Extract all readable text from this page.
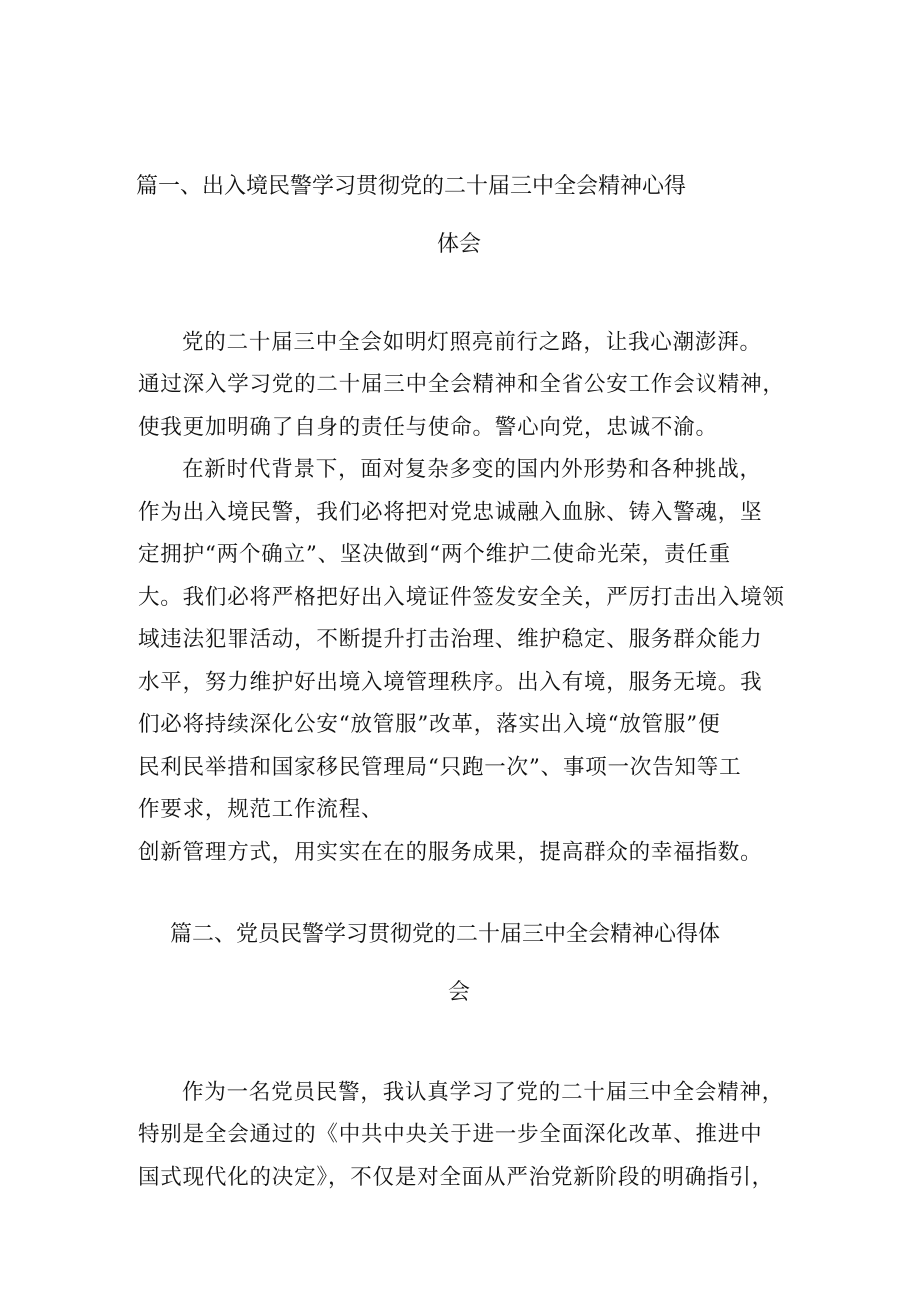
篇一、出入境民警学习贯彻党的二十届三中全会精神心得
体会
党的二十届三中全会如明灯照亮前行之路，让我心潮澎湃。
通过深入学习党的二十届三中全会精神和全省公安工作会议精神，
使我更加明确了自身的责任与使命。警心向党，忠诚不渝。
在新时代背景下，面对复杂多变的国内外形势和各种挑战，
作为出入境民警，我们必将把对党忠诚融入血脉、铸入警魂，坚
定拥护“两个确立”、坚决做到“两个维护二使命光荣，责任重
大。我们必将严格把好出入境证件签发安全关，严厉打击出入境领
域违法犯罪活动，不断提升打击治理、维护稳定、服务群众能力
水平，努力维护好出境入境管理秩序。出入有境，服务无境。我
们必将持续深化公安“放管服”改革，落实出入境“放管服”便
民利民举措和国家移民管理局“只跑一次”、事项一次告知等工
作要求，规范工作流程、
创新管理方式，用实实在在的服务成果，提高群众的幸福指数。
篇二、党员民警学习贯彻党的二十届三中全会精神心得体
会
作为一名党员民警，我认真学习了党的二十届三中全会精神，
特别是全会通过的《中共中央关于进一步全面深化改革、推进中
国式现代化的决定》，不仅是对全面从严治党新阶段的明确指引，
